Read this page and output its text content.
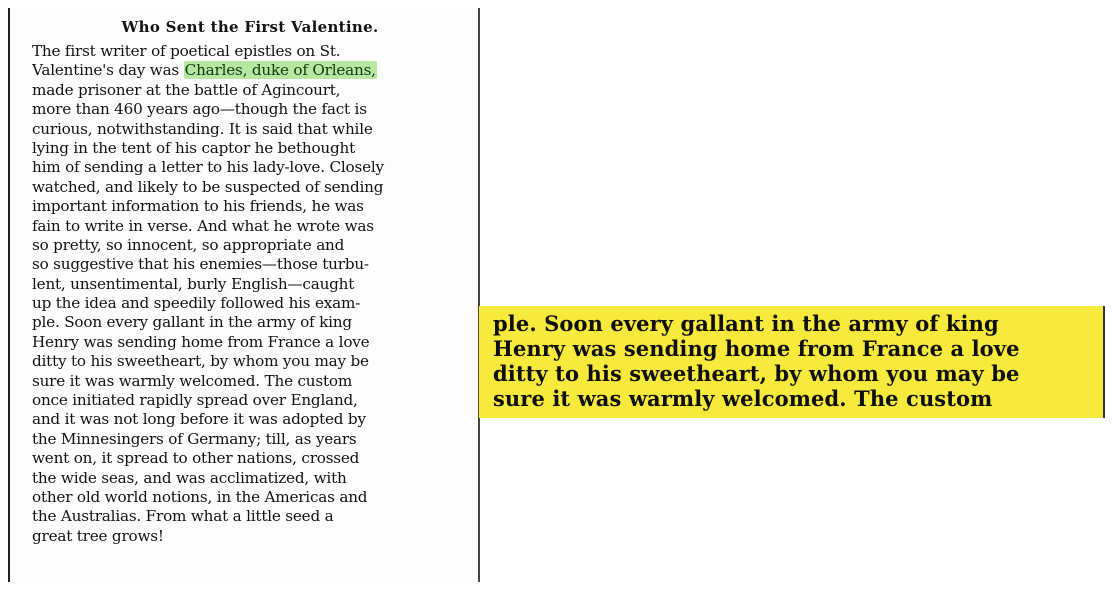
Who Sent the First Valentine.
The first writer of poetical epistles on St.
Valentine's day was Charles, duke of Orleans,
made prisoner at the battle of Agincourt,
more than 460 years ago—though the fact is
curious, notwithstanding. It is said that while
lying in the tent of his captor he bethought
him of sending a letter to his lady-love. Closely
watched, and likely to be suspected of sending
important information to his friends, he was
fain to write in verse. And what he wrote was
so pretty, so innocent, so appropriate and
so suggestive that his enemies—those turbu-
lent, unsentimental, burly English—caught
up the idea and speedily followed his exam-
ple. Soon every gallant in the army of king
Henry was sending home from France a love
ditty to his sweetheart, by whom you may be
sure it was warmly welcomed. The custom
once initiated rapidly spread over England,
and it was not long before it was adopted by
the Minnesingers of Germany; till, as years
went on, it spread to other nations, crossed
the wide seas, and was acclimatized, with
other old world notions, in the Americas and
the Australias. From what a little seed a
great tree grows!
ple. Soon every gallant in the army of king
Henry was sending home from France a love
ditty to his sweetheart, by whom you may be
sure it was warmly welcomed. The custom
